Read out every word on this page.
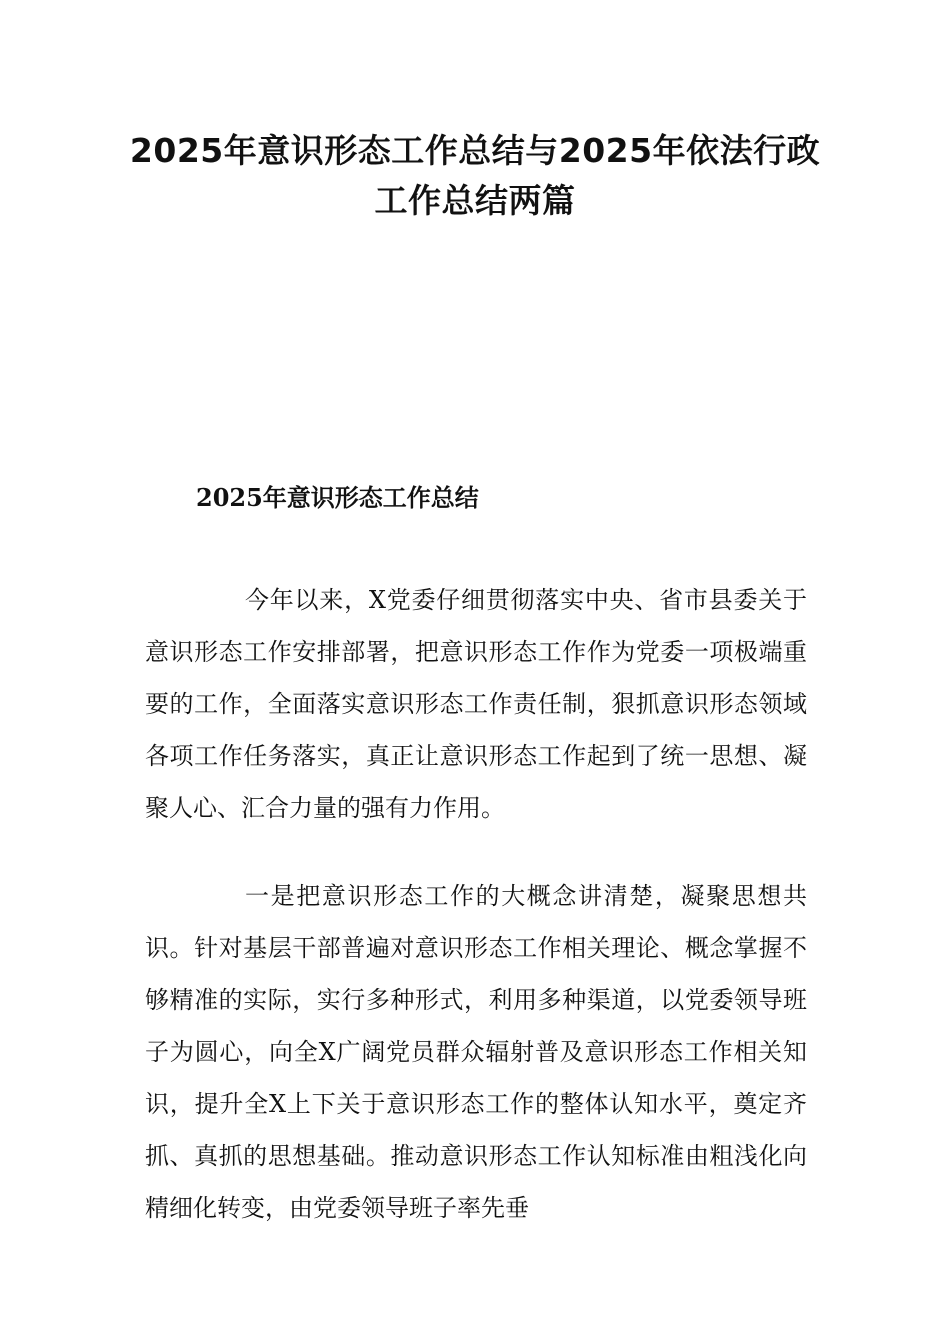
2025年意识形态工作总结与2025年依法行政工作总结两篇
2025年意识形态工作总结

今年以来，X党委仔细贯彻落实中央、省市县委关于意识形态工作安排部署，把意识形态工作作为党委一项极端重要的工作，全面落实意识形态工作责任制，狠抓意识形态领域各项工作任务落实，真正让意识形态工作起到了统一思想、凝聚人心、汇合力量的强有力作用。

一是把意识形态工作的大概念讲清楚，凝聚思想共识。针对基层干部普遍对意识形态工作相关理论、概念掌握不够精准的实际，实行多种形式，利用多种渠道，以党委领导班子为圆心，向全X广阔党员群众辐射普及意识形态工作相关知识，提升全X上下关于意识形态工作的整体认知水平，奠定齐抓、真抓的思想基础。推动意识形态工作认知标准由粗浅化向精细化转变，由党委领导班子率先垂
